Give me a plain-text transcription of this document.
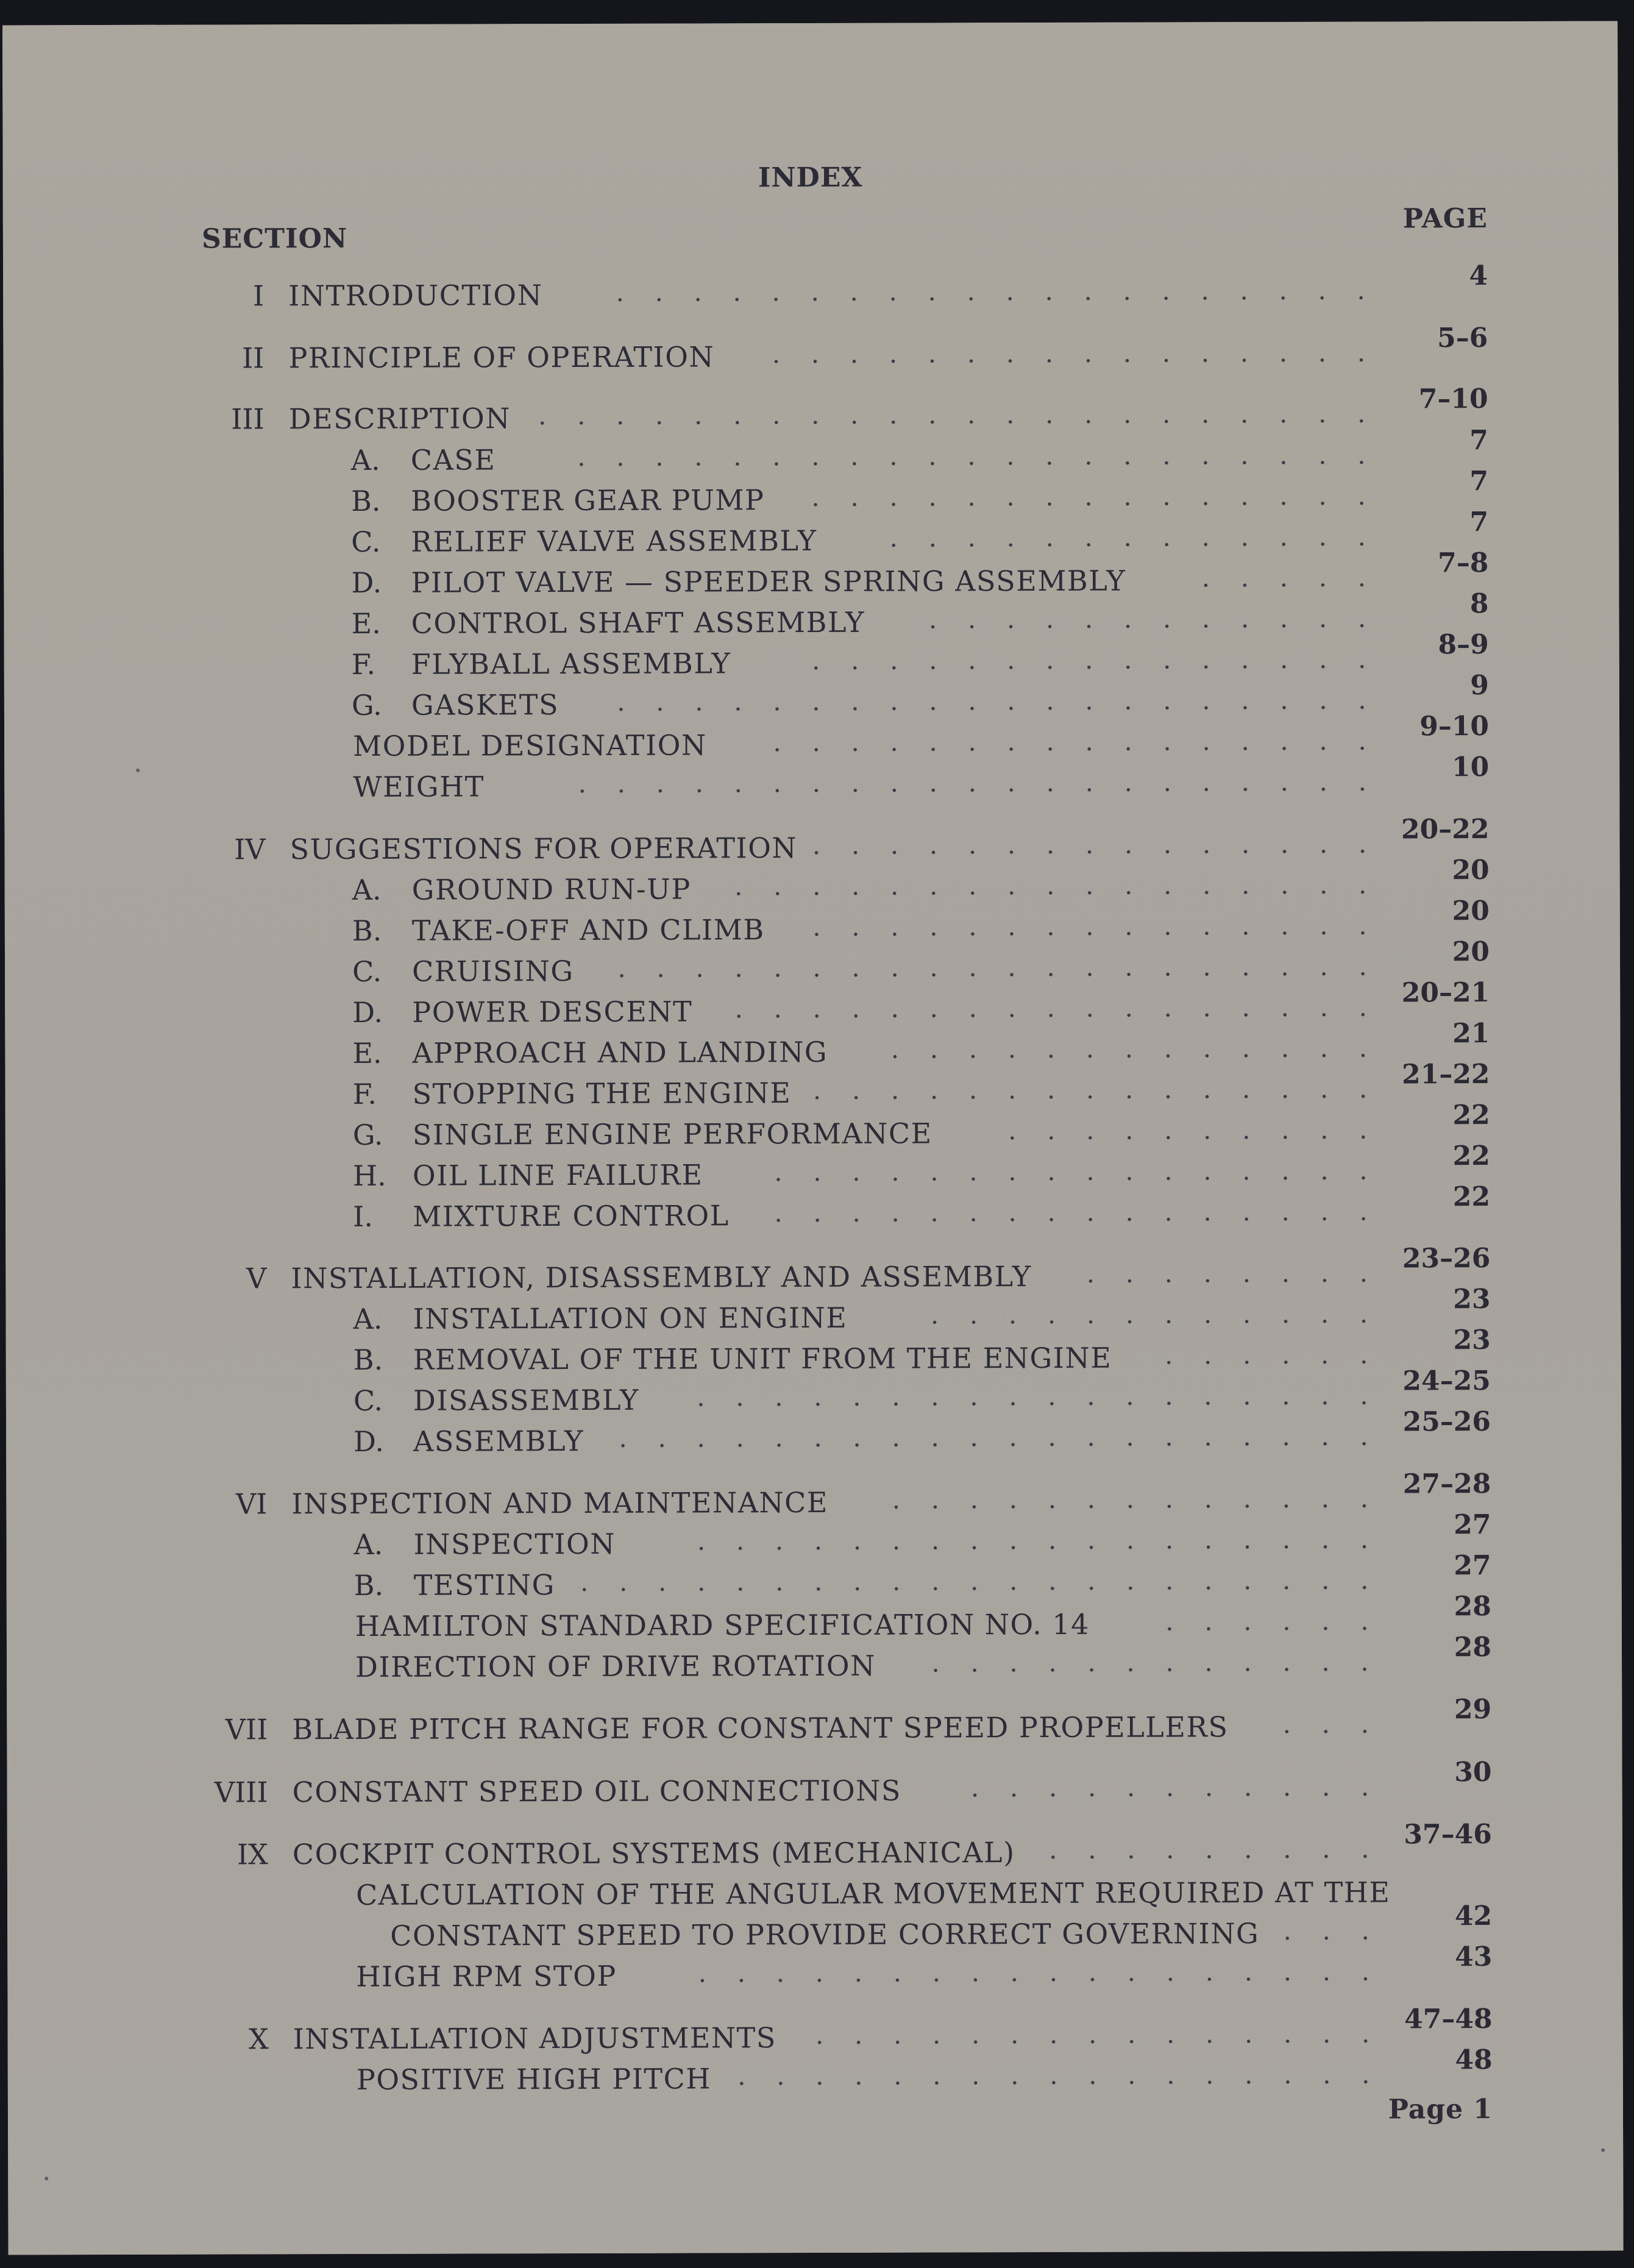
INDEX
SECTION
PAGE
I INTRODUCTION
4
II PRINCIPLE OF OPERATION
5–6
III DESCRIPTION
7–10
A. CASE
7
B. BOOSTER GEAR PUMP
7
C. RELIEF VALVE ASSEMBLY
7
D. PILOT VALVE — SPEEDER SPRING ASSEMBLY
7–8
E. CONTROL SHAFT ASSEMBLY
8
F. FLYBALL ASSEMBLY
8–9
G. GASKETS
9
MODEL DESIGNATION
9–10
WEIGHT
10
IV SUGGESTIONS FOR OPERATION
20–22
A. GROUND RUN-UP
20
B. TAKE-OFF AND CLIMB
20
C. CRUISING
20
D. POWER DESCENT
20–21
E. APPROACH AND LANDING
21
F. STOPPING THE ENGINE
21–22
G. SINGLE ENGINE PERFORMANCE
22
H. OIL LINE FAILURE
22
I. MIXTURE CONTROL
22
V INSTALLATION, DISASSEMBLY AND ASSEMBLY
23–26
A. INSTALLATION ON ENGINE
23
B. REMOVAL OF THE UNIT FROM THE ENGINE
23
C. DISASSEMBLY
24–25
D. ASSEMBLY
25–26
VI INSPECTION AND MAINTENANCE
27–28
A. INSPECTION
27
B. TESTING
27
HAMILTON STANDARD SPECIFICATION NO. 14
28
DIRECTION OF DRIVE ROTATION
28
VII BLADE PITCH RANGE FOR CONSTANT SPEED PROPELLERS
29
VIII CONSTANT SPEED OIL CONNECTIONS
30
IX COCKPIT CONTROL SYSTEMS (MECHANICAL)
37–46
CALCULATION OF THE ANGULAR MOVEMENT REQUIRED AT THE
CONSTANT SPEED TO PROVIDE CORRECT GOVERNING
42
HIGH RPM STOP
43
X INSTALLATION ADJUSTMENTS
47–48
POSITIVE HIGH PITCH
48
Page 1
